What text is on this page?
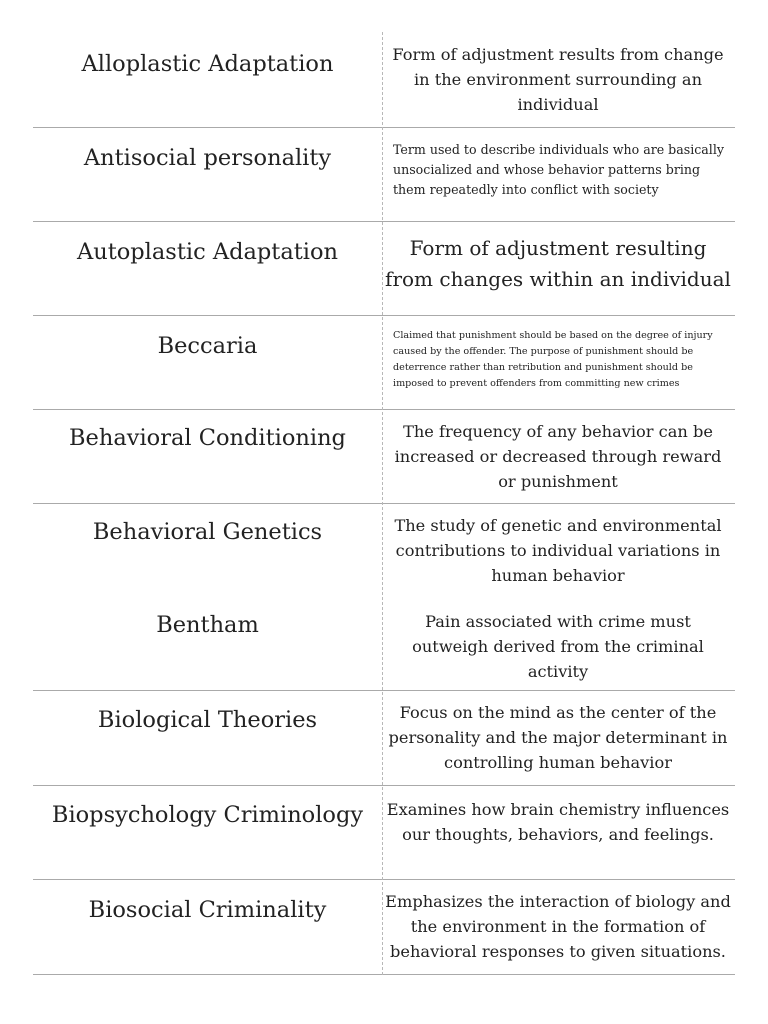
Alloplastic Adaptation	Form of adjustment results from change in the environment surrounding an individual
Antisocial personality	Term used to describe individuals who are basically unsocialized and whose behavior patterns bring them repeatedly into conflict with society
Autoplastic Adaptation	Form of adjustment resulting from changes within an individual
Beccaria	Claimed that punishment should be based on the degree of injury caused by the offender. The purpose of punishment should be deterrence rather than retribution and punishment should be imposed to prevent offenders from committing new crimes
Behavioral Conditioning	The frequency of any behavior can be increased or decreased through reward or punishment
Behavioral Genetics	The study of genetic and environmental contributions to individual variations in human behavior
Bentham	Pain associated with crime must outweigh derived from the criminal activity
Biological Theories	Focus on the mind as the center of the personality and the major determinant in controlling human behavior
Biopsychology Criminology	Examines how brain chemistry influences our thoughts, behaviors, and feelings.
Biosocial Criminality	Emphasizes the interaction of biology and the environment in the formation of behavioral responses to given situations.
